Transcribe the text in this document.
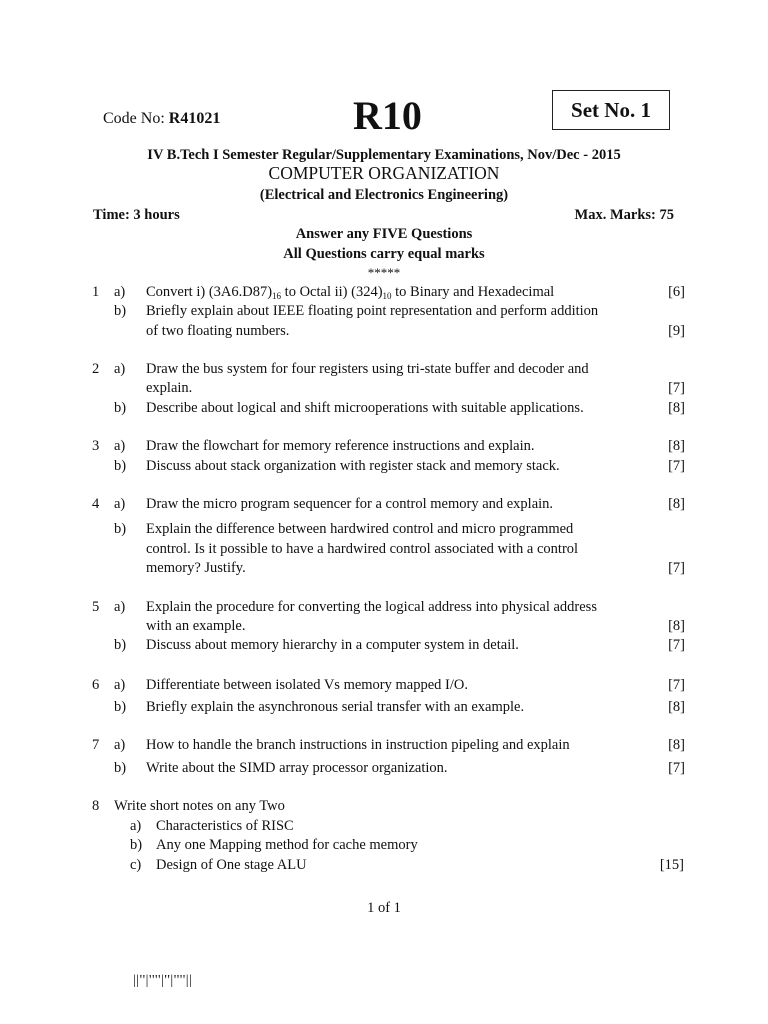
Code No: R41021	R10	Set No. 1
IV B.Tech I Semester Regular/Supplementary Examinations, Nov/Dec - 2015
COMPUTER ORGANIZATION
(Electrical and Electronics Engineering)
Time: 3 hours	Max. Marks: 75
Answer any FIVE Questions
All Questions carry equal marks
*****
1 a) Convert i) $(3A6.D87)_{16}$ to Octal ii) $(324)_{10}$ to Binary and Hexadecimal	[6]
b) Briefly explain about IEEE floating point representation and perform addition
of two floating numbers.	[9]
2 a) Draw the bus system for four registers using tri-state buffer and decoder and
explain.	[7]
b) Describe about logical and shift microoperations with suitable applications.	[8]
3 a) Draw the flowchart for memory reference instructions and explain.	[8]
b) Discuss about stack organization with register stack and memory stack.	[7]
4 a) Draw the micro program sequencer for a control memory and explain.	[8]
b) Explain the difference between hardwired control and micro programmed
control. Is it possible to have a hardwired control associated with a control
memory? Justify.	[7]
5 a) Explain the procedure for converting the logical address into physical address
with an example.	[8]
b) Discuss about memory hierarchy in a computer system in detail.	[7]
6 a) Differentiate between isolated Vs memory mapped I/O.	[7]
b) Briefly explain the asynchronous serial transfer with an example.	[8]
7 a) How to handle the branch instructions in instruction pipeling and explain	[8]
b) Write about the SIMD array processor organization.	[7]
8 Write short notes on any Two
a) Characteristics of RISC
b) Any one Mapping method for cache memory
c) Design of One stage ALU	[15]
1 of 1
||''|''''|''|''''||
